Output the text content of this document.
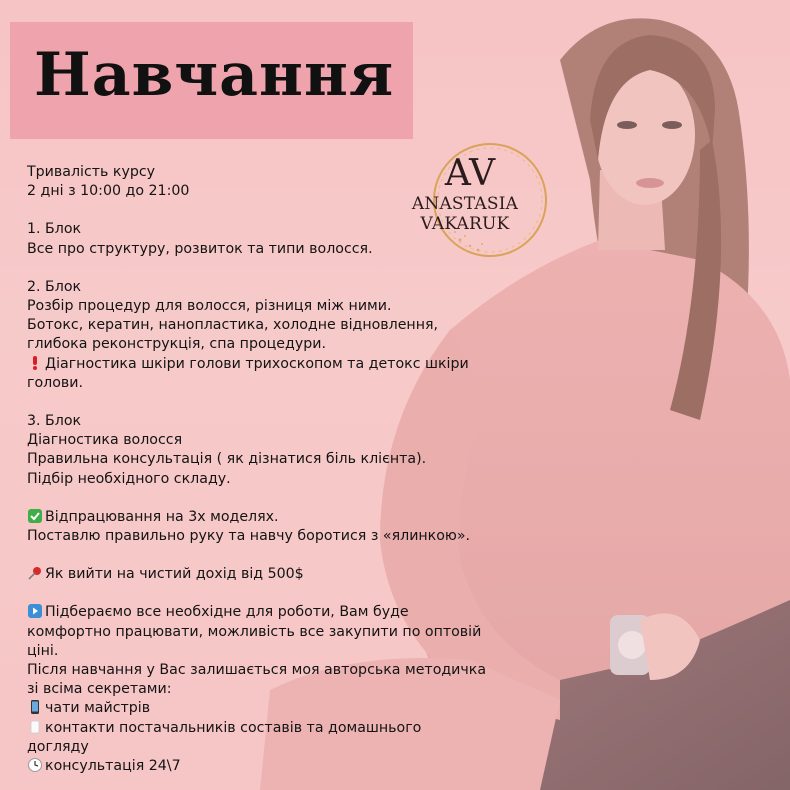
Навчання
AV
ANASTASIA VAKARUK

Тривалість курсу

2 дні з 10:00 до 21:00

1. Блок

Все про структуру, розвиток та типи волосся.

2. Блок

Розбір процедур для волосся, різниця між ними.

Ботокс, кератин, нанопластика, холодне відновлення,

глибока реконструкція, спа процедури.

Діагностика шкіри голови трихоскопом та детокс шкіри

голови.

3. Блок

Діагностика волосся

Правильна консультація ( як дізнатися біль клієнта).

Підбір необхідного складу.

Відпрацювання на 3х моделях.

Поставлю правильно руку та навчу боротися з «ялинкою».

Як вийти на чистий дохід від 500$

Підбераємо все необхідне для роботи, Вам буде

комфортно працювати, можливість все закупити по оптовій

ціні.

Після навчання у Вас залишається моя авторська методичка

зі всіма секретами:

чати майстрів

контакти постачальників составів та домашнього

догляду

консультація 24\7
